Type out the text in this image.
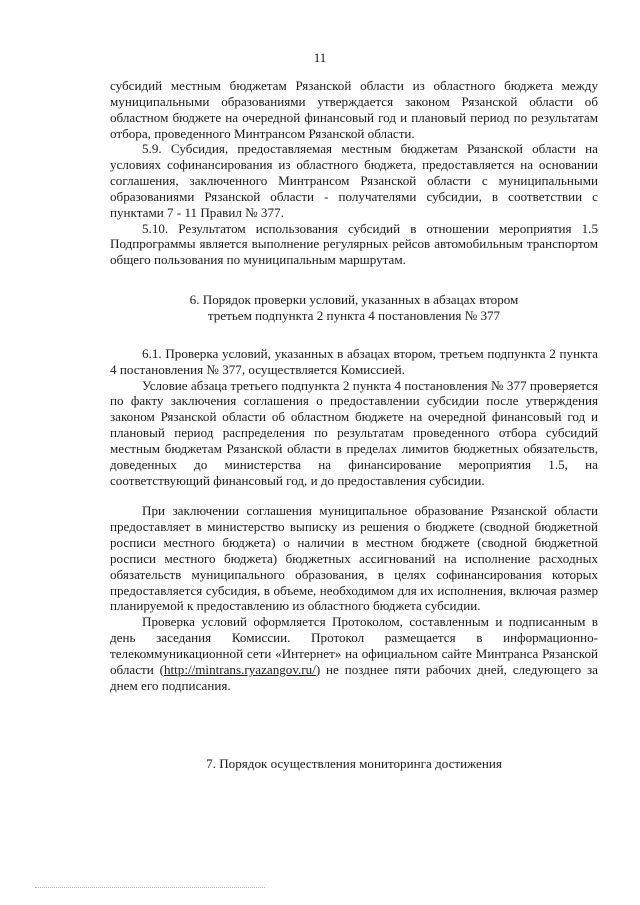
11

субсидий местным бюджетам Рязанской области из областного бюджета между муниципальными образованиями утверждается законом Рязанской области об областном бюджете на очередной финансовый год и плановый период по результатам отбора, проведенного Минтрансом Рязанской области.

5.9. Субсидия, предоставляемая местным бюджетам Рязанской области на условиях софинансирования из областного бюджета, предоставляется на основании соглашения, заключенного Минтрансом Рязанской области с муниципальными образованиями Рязанской области - получателями субсидии, в соответствии с пунктами 7 - 11 Правил № 377.

5.10. Результатом использования субсидий в отношении мероприятия 1.5 Подпрограммы является выполнение регулярных рейсов автомобильным транспортом общего пользования по муниципальным маршрутам.

6. Порядок проверки условий, указанных в абзацах втором
третьем подпункта 2 пункта 4 постановления № 377

6.1. Проверка условий, указанных в абзацах втором, третьем подпункта 2 пункта 4 постановления № 377, осуществляется Комиссией.

Условие абзаца третьего подпункта 2 пункта 4 постановления № 377 проверяется по факту заключения соглашения о предоставлении субсидии после утверждения законом Рязанской области об областном бюджете на очередной финансовый год и плановый период распределения по результатам проведенного отбора субсидий местным бюджетам Рязанской области в пределах лимитов бюджетных обязательств, доведенных до министерства на финансирование мероприятия 1.5, на соответствующий финансовый год, и до предоставления субсидии.

При заключении соглашения муниципальное образование Рязанской области предоставляет в министерство выписку из решения о бюджете (сводной бюджетной росписи местного бюджета) о наличии в местном бюджете (сводной бюджетной росписи местного бюджета) бюджетных ассигнований на исполнение расходных обязательств муниципального образования, в целях софинансирования которых предоставляется субсидия, в объеме, необходимом для их исполнения, включая размер планируемой к предоставлению из областного бюджета субсидии.

Проверка условий оформляется Протоколом, составленным и подписанным в день заседания Комиссии. Протокол размещается в информационно-телекоммуникационной сети «Интернет» на официальном сайте Минтранса Рязанской области (http://mintrans.ryazangov.ru/) не позднее пяти рабочих дней, следующего за днем его подписания.

7. Порядок осуществления мониторинга достижения
